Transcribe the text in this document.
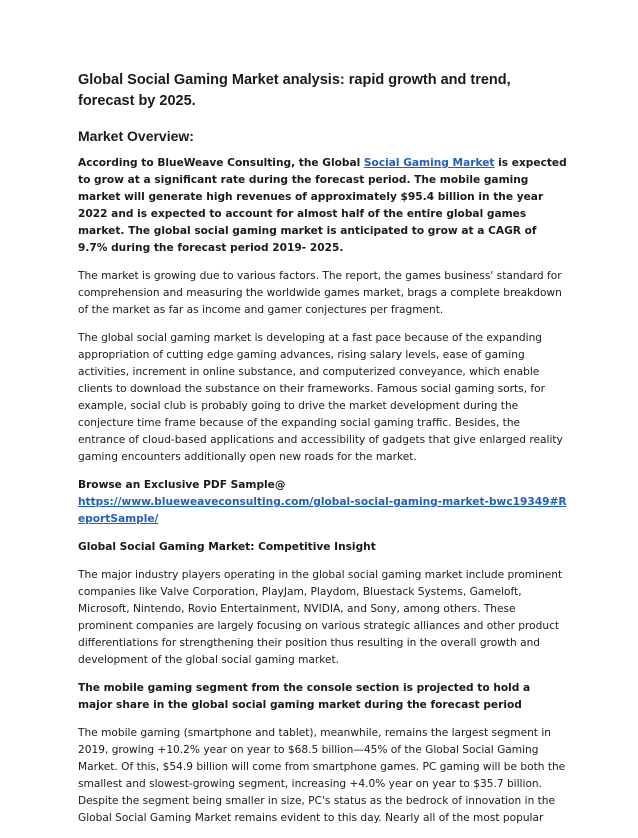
Global Social Gaming Market analysis: rapid growth and trend, forecast by 2025.
Market Overview:

According to BlueWeave Consulting, the Global Social Gaming Market is expected to grow at a significant rate during the forecast period. The mobile gaming market will generate high revenues of approximately $95.4 billion in the year 2022 and is expected to account for almost half of the entire global games market. The global social gaming market is anticipated to grow at a CAGR of 9.7% during the forecast period 2019- 2025.

The market is growing due to various factors. The report, the games business' standard for comprehension and measuring the worldwide games market, brags a complete breakdown of the market as far as income and gamer conjectures per fragment.

The global social gaming market is developing at a fast pace because of the expanding appropriation of cutting edge gaming advances, rising salary levels, ease of gaming activities, increment in online substance, and computerized conveyance, which enable clients to download the substance on their frameworks. Famous social gaming sorts, for example, social club is probably going to drive the market development during the conjecture time frame because of the expanding social gaming traffic. Besides, the entrance of cloud-based applications and accessibility of gadgets that give enlarged reality gaming encounters additionally open new roads for the market.

Browse an Exclusive PDF Sample@
https://www.blueweaveconsulting.com/global-social-gaming-market-bwc19349#ReportSample/

Global Social Gaming Market: Competitive Insight

The major industry players operating in the global social gaming market include prominent companies like Valve Corporation, PlayJam, Playdom, Bluestack Systems, Gameloft, Microsoft, Nintendo, Rovio Entertainment, NVIDIA, and Sony, among others. These prominent companies are largely focusing on various strategic alliances and other product differentiations for strengthening their position thus resulting in the overall growth and development of the global social gaming market.

The mobile gaming segment from the console section is projected to hold a major share in the global social gaming market during the forecast period

The mobile gaming (smartphone and tablet), meanwhile, remains the largest segment in 2019, growing +10.2% year on year to $68.5 billion—45% of the Global Social Gaming Market. Of this, $54.9 billion will come from smartphone games. PC gaming will be both the smallest and slowest-growing segment, increasing +4.0% year on year to $35.7 billion. Despite the segment being smaller in size, PC's status as the bedrock of innovation in the Global Social Gaming Market remains evident to this day. Nearly all of the most popular
